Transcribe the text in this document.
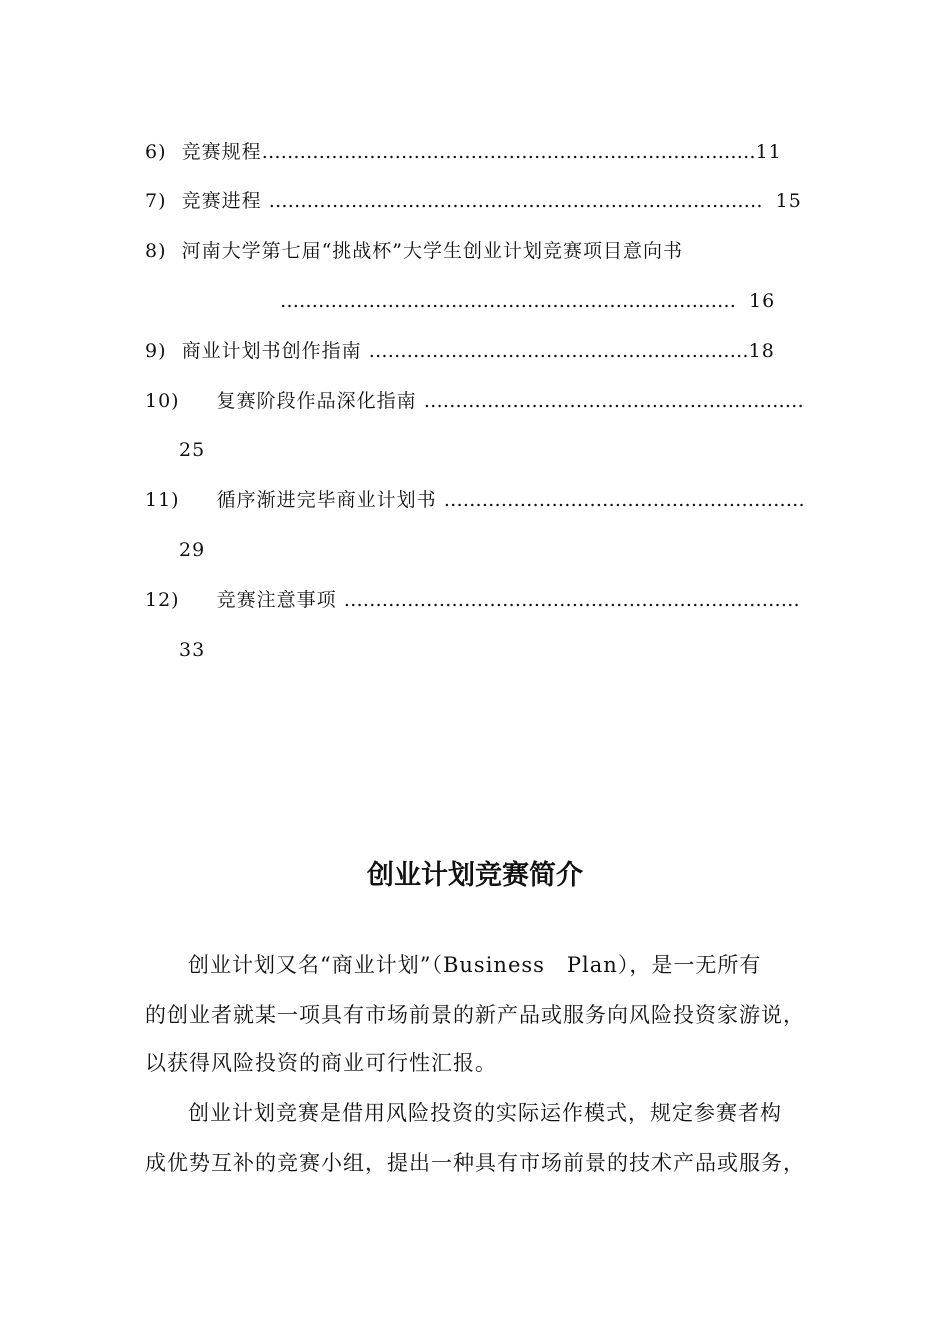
6) 竞赛规程……………………………………………………………………11
7) 竞赛进程 …………………………………………………………………… 15
8) 河南大学第七届“挑战杯”大学生创业计划竞赛项目意向书
……………………………………………………………… 16
9) 商业计划书创作指南 ……………………………………………………18
10) 复赛阶段作品深化指南 ……………………………………………………
25
11) 循序渐进完毕商业计划书 …………………………………………………
29
12) 竞赛注意事项 ………………………………………………………………
33
创业计划竞赛简介
创业计划又名“商业计划”（Business　Plan），是一无所有
的创业者就某一项具有市场前景的新产品或服务向风险投资家游说，
以获得风险投资的商业可行性汇报。
创业计划竞赛是借用风险投资的实际运作模式，规定参赛者构
成优势互补的竞赛小组，提出一种具有市场前景的技术产品或服务，
